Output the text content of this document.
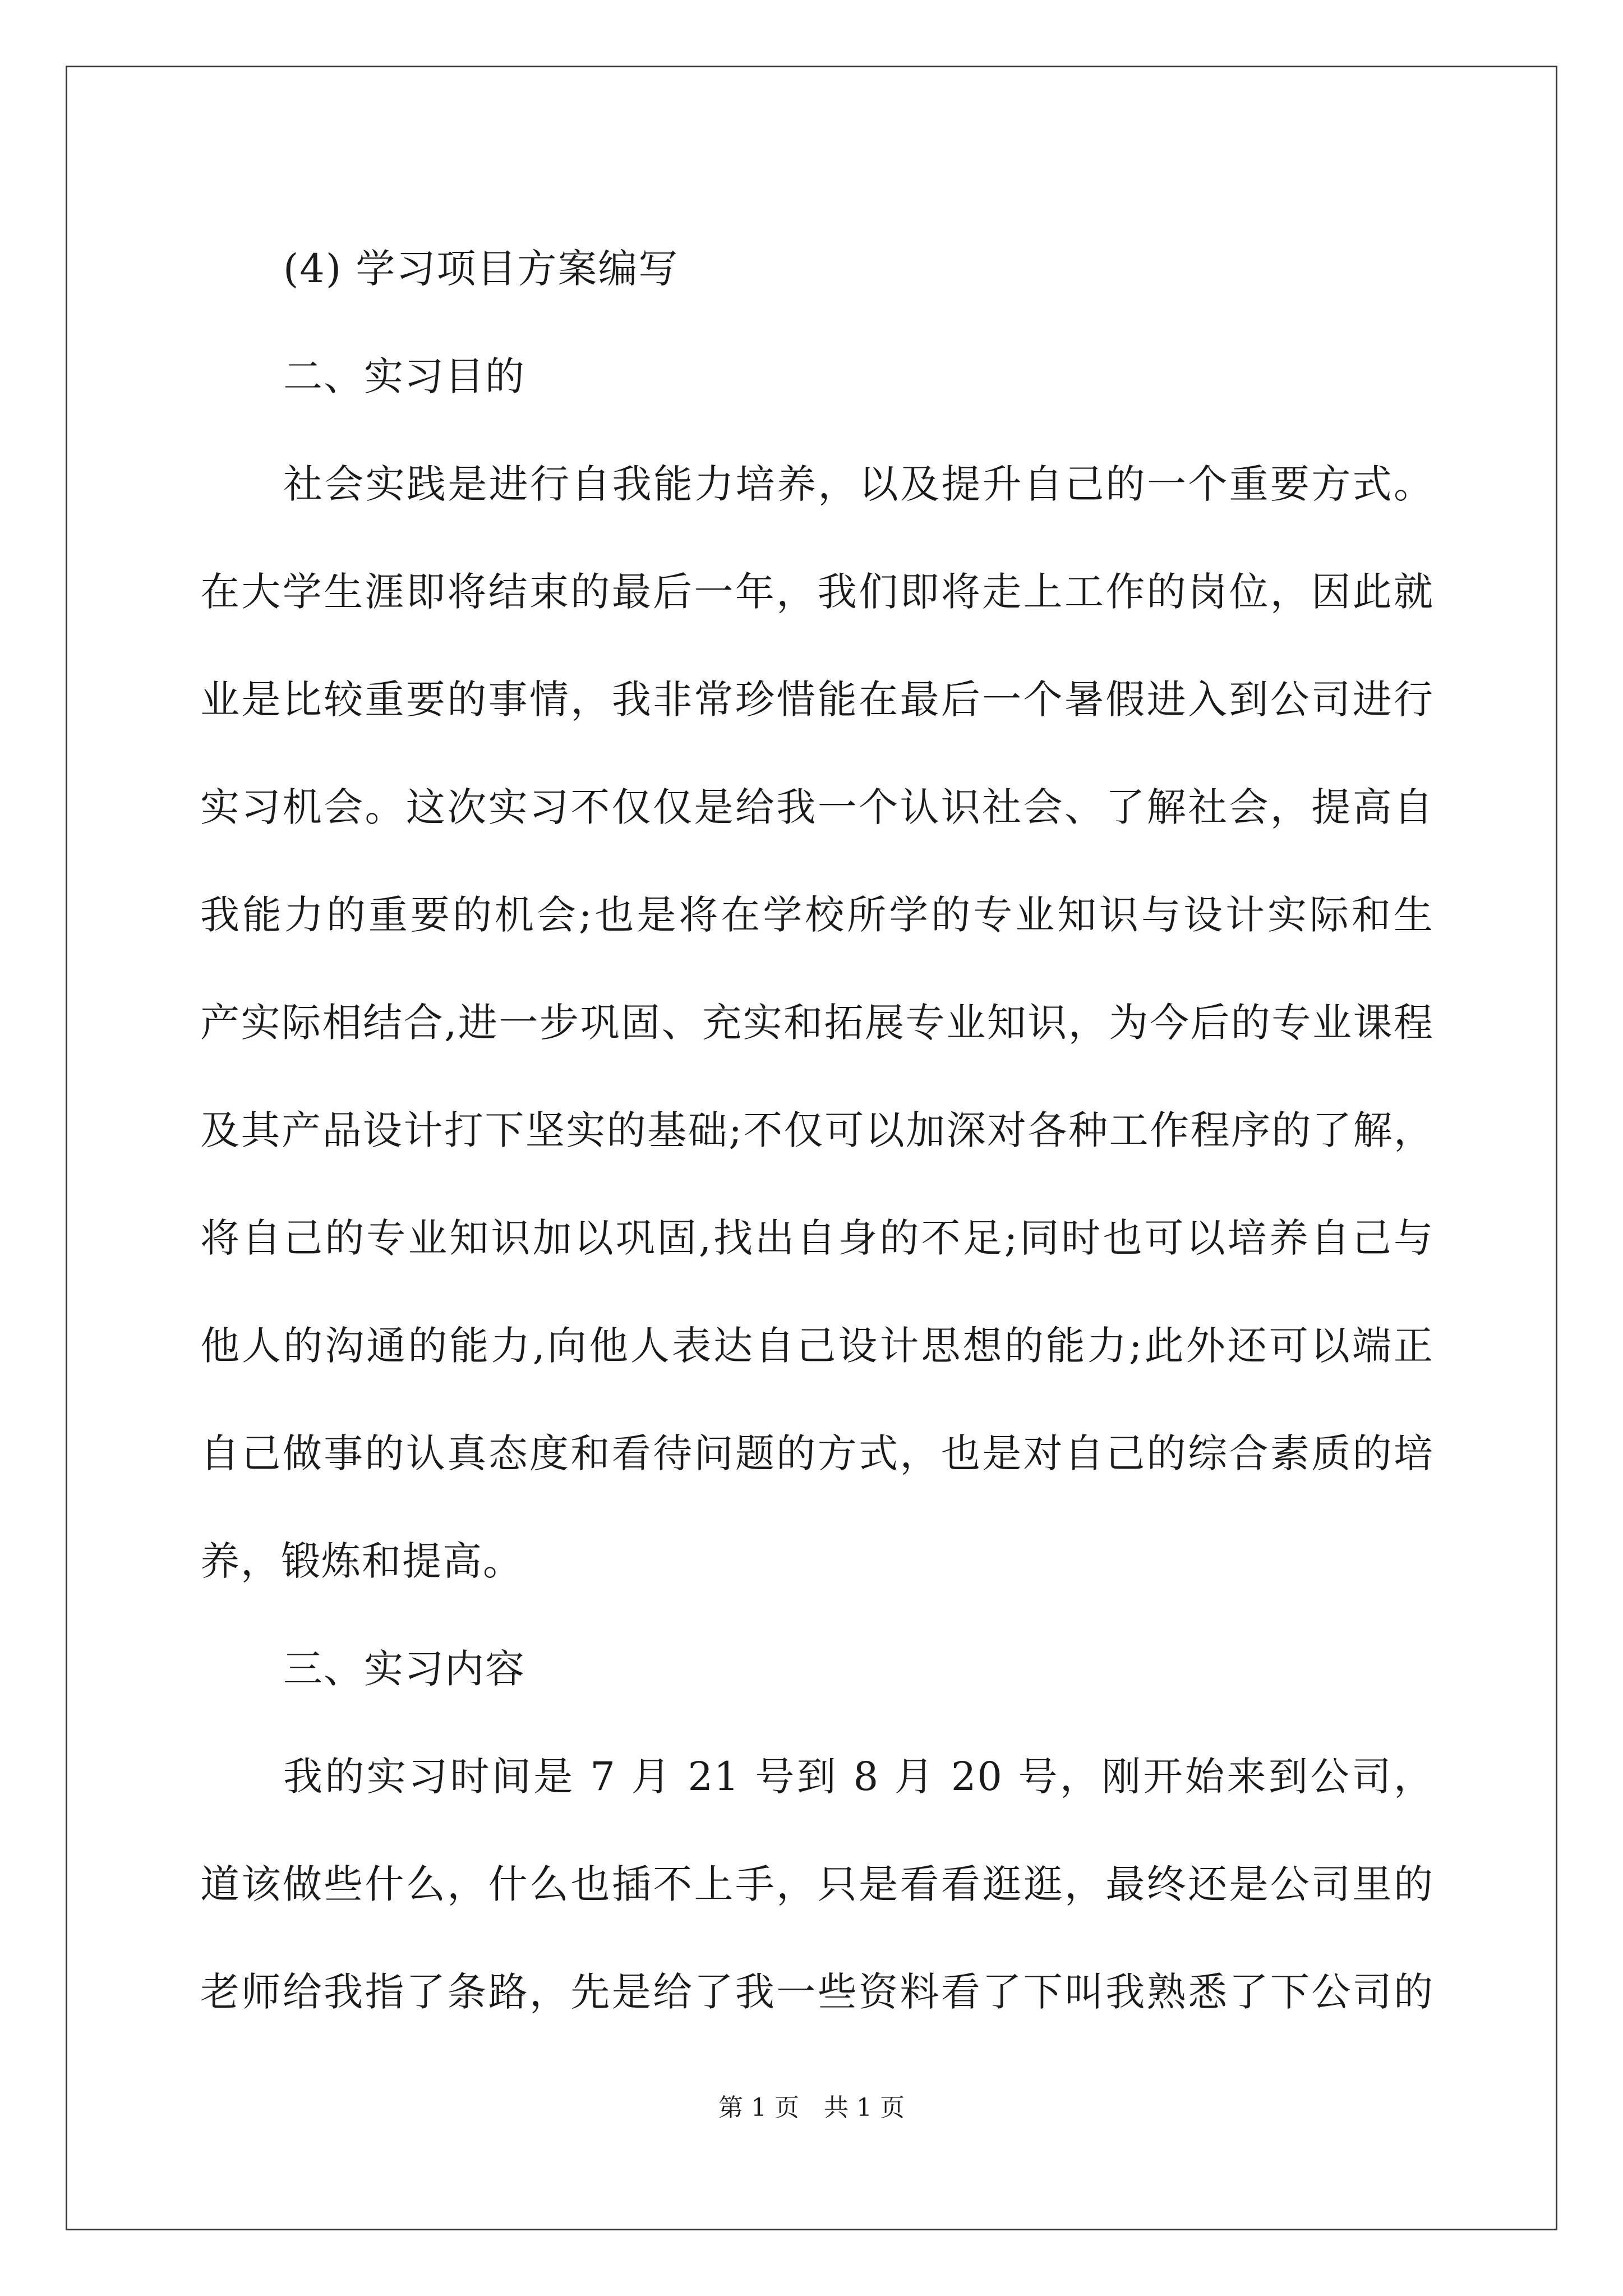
(4) 学习项目方案编写
二、实习目的
社会实践是进行自我能力培养，以及提升自己的一个重要方式。
在大学生涯即将结束的最后一年，我们即将走上工作的岗位，因此就
业是比较重要的事情，我非常珍惜能在最后一个暑假进入到公司进行
实习机会。这次实习不仅仅是给我一个认识社会、了解社会，提高自
我能力的重要的机会;也是将在学校所学的专业知识与设计实际和生
产实际相结合,进一步巩固、充实和拓展专业知识，为今后的专业课程
及其产品设计打下坚实的基础;不仅可以加深对各种工作程序的了解，
将自己的专业知识加以巩固,找出自身的不足;同时也可以培养自己与
他人的沟通的能力,向他人表达自己设计思想的能力;此外还可以端正
自己做事的认真态度和看待问题的方式，也是对自己的综合素质的培
养，锻炼和提高。
三、实习内容
我的实习时间是 7 月 21 号到 8 月 20 号，刚开始来到公司，
道该做些什么，什么也插不上手，只是看看逛逛，最终还是公司里的
老师给我指了条路，先是给了我一些资料看了下叫我熟悉了下公司的
第 1 页　共 1 页
